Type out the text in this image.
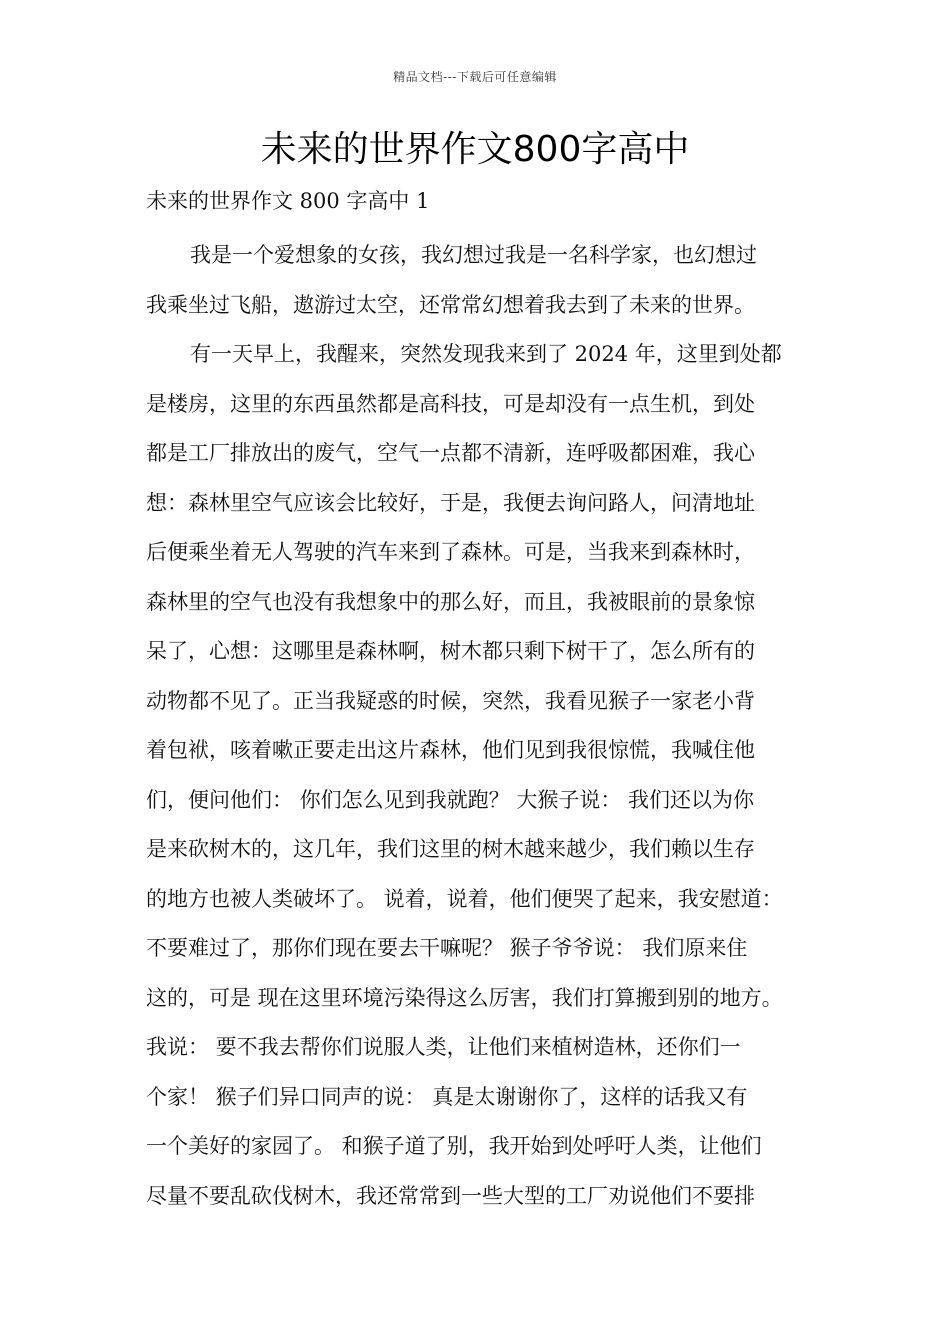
精品文档---下载后可任意编辑
未来的世界作文800字高中
未来的世界作文 800 字高中 1
我是一个爱想象的女孩，我幻想过我是一名科学家，也幻想过
我乘坐过飞船，遨游过太空，还常常幻想着我去到了未来的世界。
有一天早上，我醒来，突然发现我来到了 2024 年，这里到处都
是楼房，这里的东西虽然都是高科技，可是却没有一点生机，到处
都是工厂排放出的废气，空气一点都不清新，连呼吸都困难，我心
想：森林里空气应该会比较好，于是，我便去询问路人，问清地址
后便乘坐着无人驾驶的汽车来到了森林。可是，当我来到森林时，
森林里的空气也没有我想象中的那么好，而且，我被眼前的景象惊
呆了，心想：这哪里是森林啊，树木都只剩下树干了，怎么所有的
动物都不见了。正当我疑惑的时候，突然，我看见猴子一家老小背
着包袱，咳着嗽正要走出这片森林，他们见到我很惊慌，我喊住他
们，便问他们： 你们怎么见到我就跑？ 大猴子说： 我们还以为你
是来砍树木的，这几年，我们这里的树木越来越少，我们赖以生存
的地方也被人类破坏了。 说着，说着，他们便哭了起来，我安慰道：
不要难过了，那你们现在要去干嘛呢？ 猴子爷爷说： 我们原来住
这的，可是 现在这里环境污染得这么厉害，我们打算搬到别的地方。
我说： 要不我去帮你们说服人类，让他们来植树造林，还你们一
个家！ 猴子们异口同声的说： 真是太谢谢你了，这样的话我又有
一个美好的家园了。 和猴子道了别，我开始到处呼吁人类，让他们
尽量不要乱砍伐树木，我还常常到一些大型的工厂劝说他们不要排
